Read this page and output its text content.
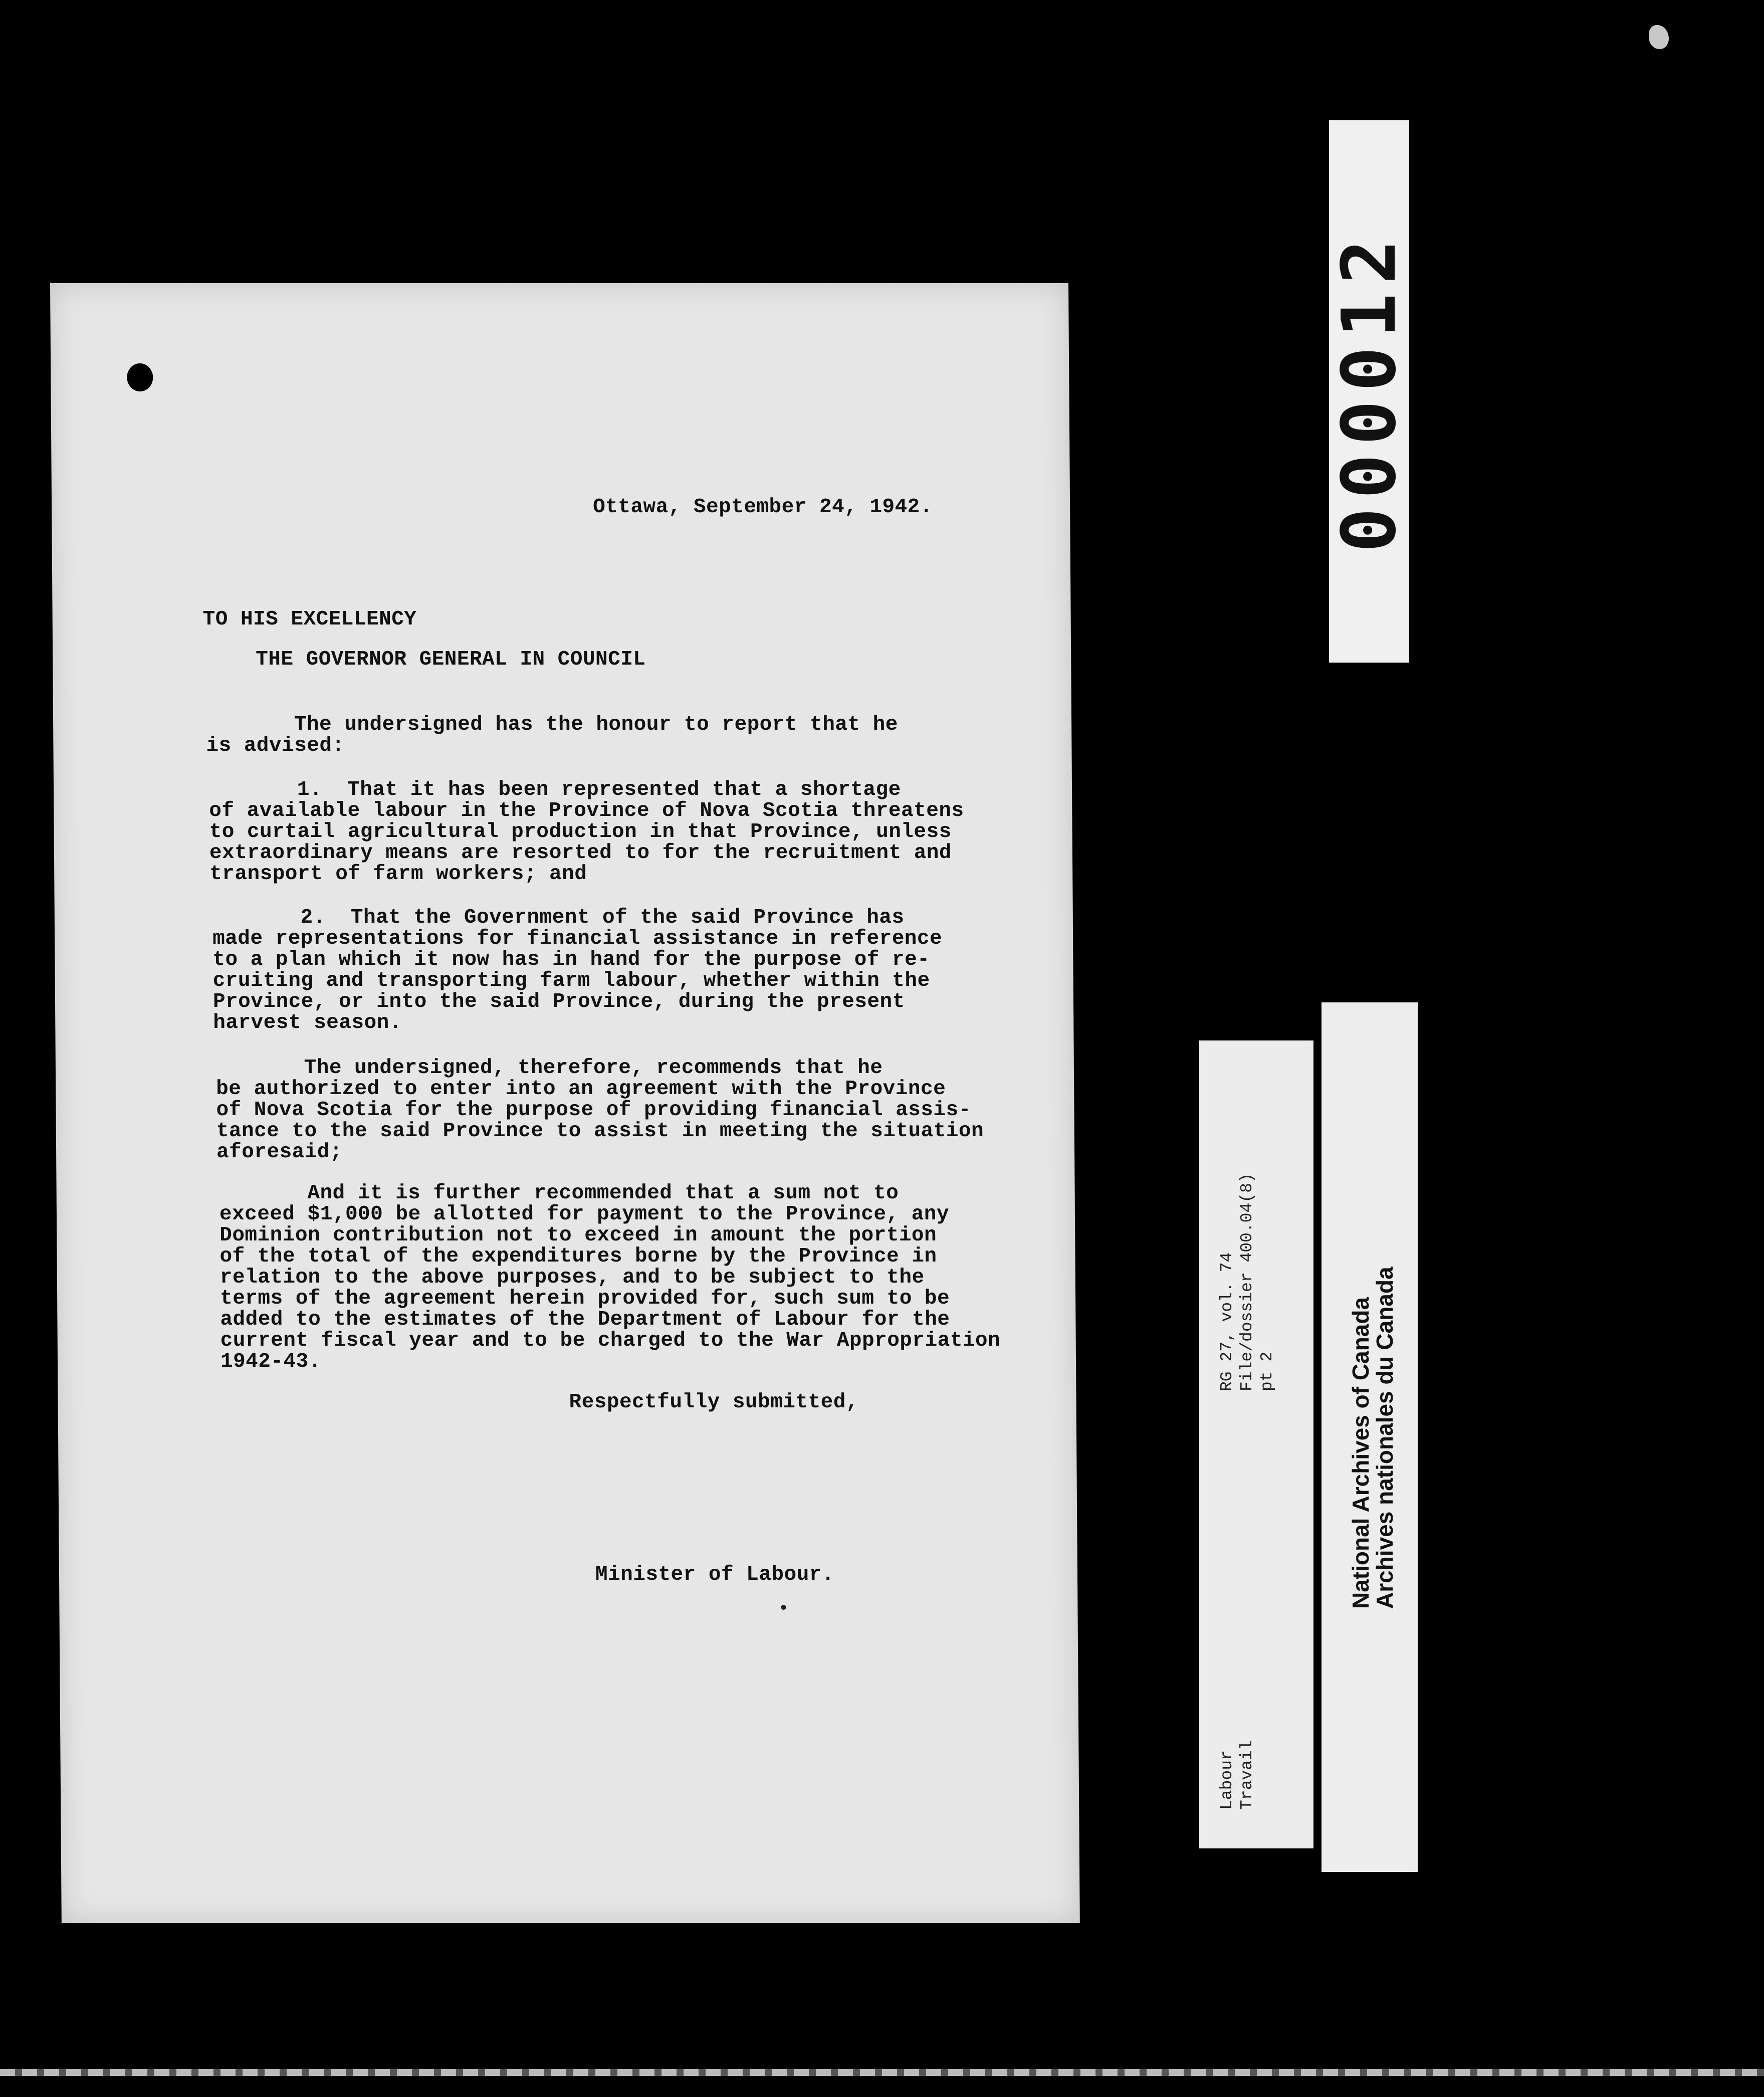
Ottawa, September 24, 1942.
TO HIS EXCELLENCY
THE GOVERNOR GENERAL IN COUNCIL
The undersigned has the honour to report that he
is advised:
1.  That it has been represented that a shortage
of available labour in the Province of Nova Scotia threatens
to curtail agricultural production in that Province, unless
extraordinary means are resorted to for the recruitment and
transport of farm workers; and
2.  That the Government of the said Province has
made representations for financial assistance in reference
to a plan which it now has in hand for the purpose of re-
cruiting and transporting farm labour, whether within the
Province, or into the said Province, during the present
harvest season.
The undersigned, therefore, recommends that he
be authorized to enter into an agreement with the Province
of Nova Scotia for the purpose of providing financial assis-
tance to the said Province to assist in meeting the situation
aforesaid;
And it is further recommended that a sum not to
exceed $1,000 be allotted for payment to the Province, any
Dominion contribution not to exceed in amount the portion
of the total of the expenditures borne by the Province in
relation to the above purposes, and to be subject to the
terms of the agreement herein provided for, such sum to be
added to the estimates of the Department of Labour for the
current fiscal year and to be charged to the War Appropriation
1942-43.
Respectfully submitted,
Minister of Labour.
000012
RG 27, vol. 74
File/dossier 400.04(8)
pt 2
Labour
Travail
National Archives of Canada
Archives nationales du Canada
